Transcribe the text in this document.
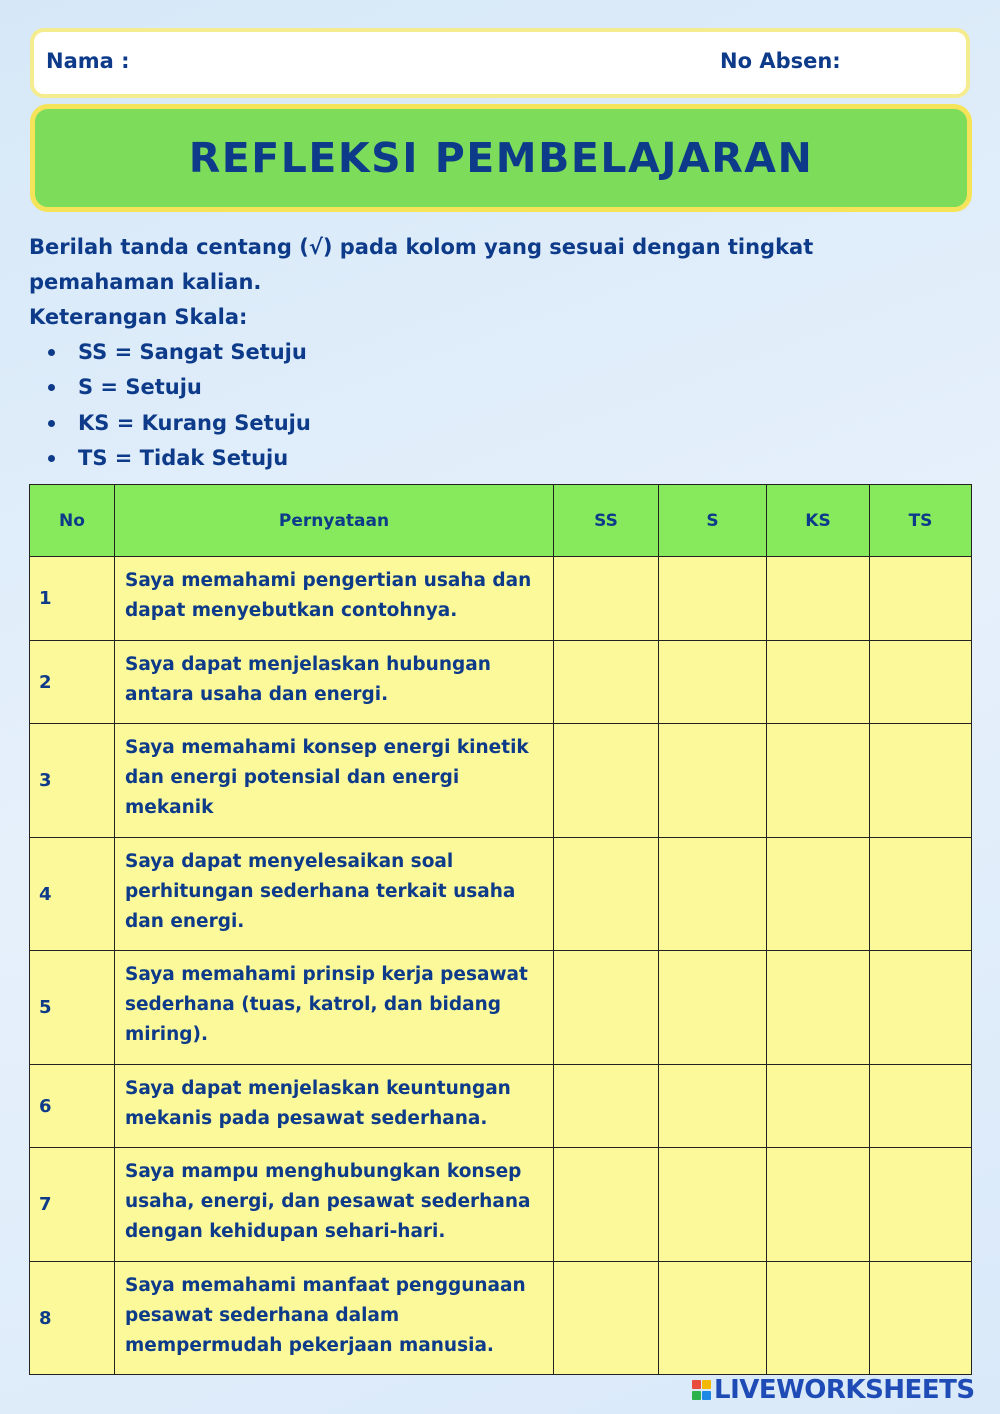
Nama :	No Absen:
REFLEKSI PEMBELAJARAN

Berilah tanda centang (√) pada kolom yang sesuai dengan tingkat pemahaman kalian.

Keterangan Skala:
SS = Sangat Setuju
S = Setuju
KS = Kurang Setuju
TS = Tidak Setuju
No	Pernyataan	SS	S	KS	TS
1	Saya memahami pengertian usaha dan dapat menyebutkan contohnya.				
2	Saya dapat menjelaskan hubungan antara usaha dan energi.				
3	Saya memahami konsep energi kinetik dan energi potensial dan energi mekanik				
4	Saya dapat menyelesaikan soal perhitungan sederhana terkait usaha dan energi.				
5	Saya memahami prinsip kerja pesawat sederhana (tuas, katrol, dan bidang miring).				
6	Saya dapat menjelaskan keuntungan mekanis pada pesawat sederhana.				
7	Saya mampu menghubungkan konsep usaha, energi, dan pesawat sederhana dengan kehidupan sehari-hari.				
8	Saya memahami manfaat penggunaan pesawat sederhana dalam mempermudah pekerjaan manusia.				
LIVEWORKSHEETS
